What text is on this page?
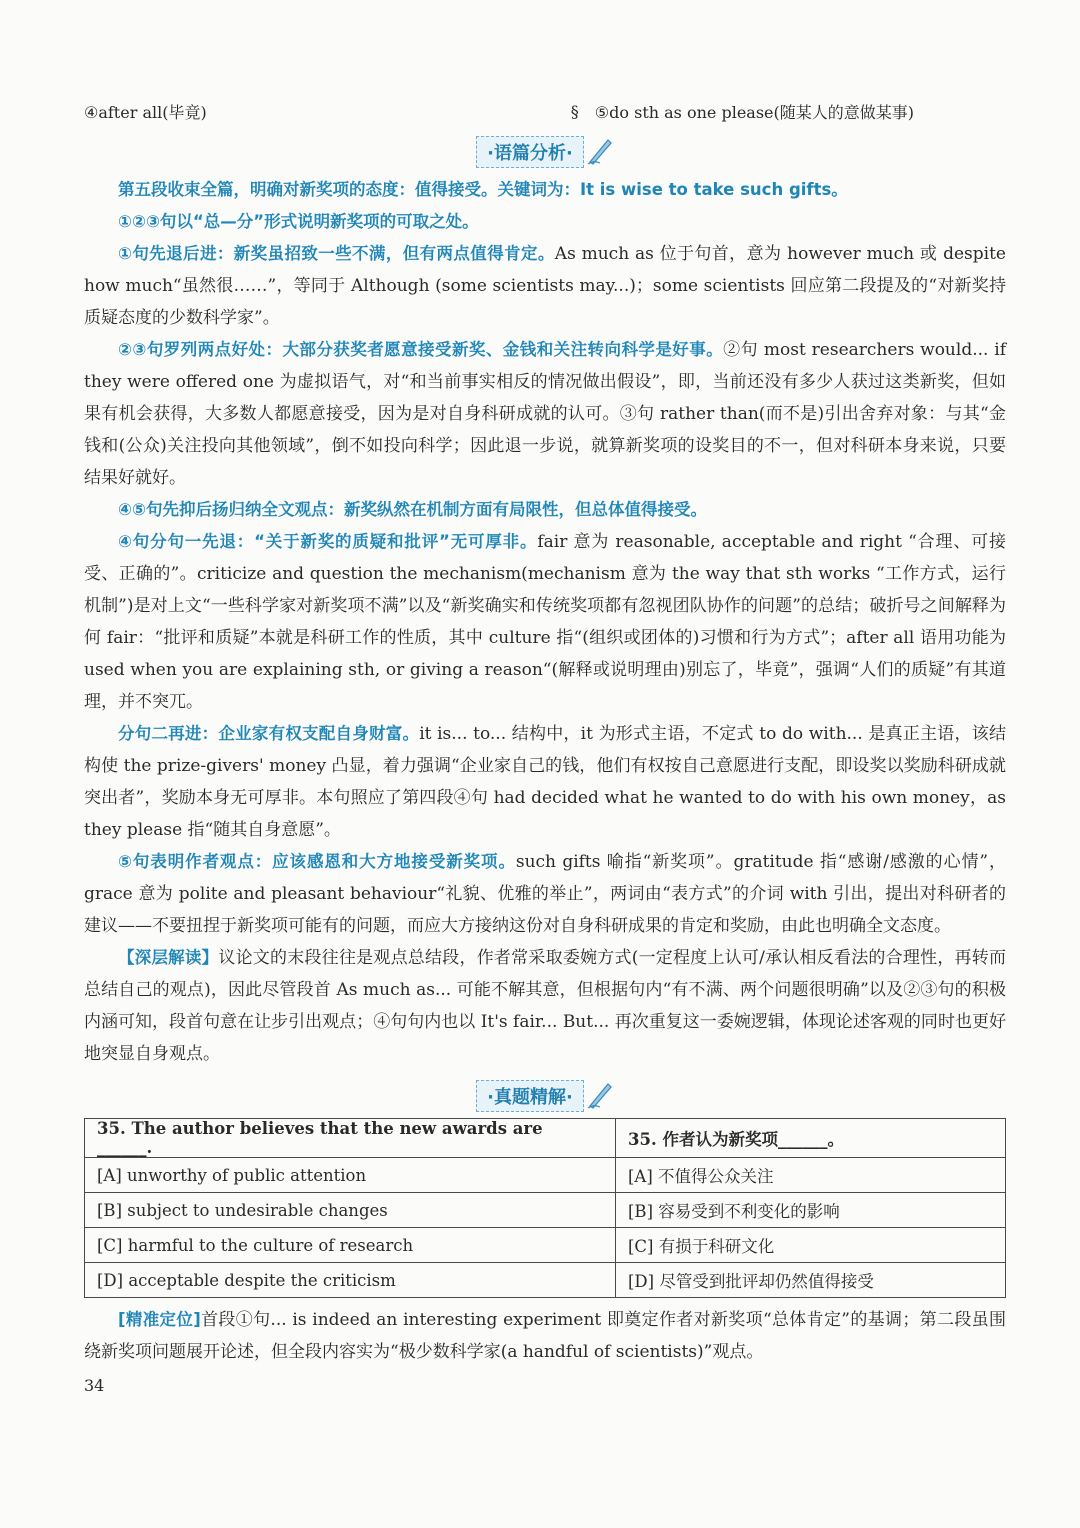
④after all(毕竟)	§ ⑤do sth as one please(随某人的意做某事)
·语篇分析·

第五段收束全篇，明确对新奖项的态度：值得接受。关键词为：It is wise to take such gifts。

①②③句以“总—分”形式说明新奖项的可取之处。

①句先退后进：新奖虽招致一些不满，但有两点值得肯定。As much as 位于句首，意为 however much 或 despite how much“虽然很……”，等同于 Although (some scientists may...)；some scientists 回应第二段提及的“对新奖持质疑态度的少数科学家”。

②③句罗列两点好处：大部分获奖者愿意接受新奖、金钱和关注转向科学是好事。②句 most researchers would... if they were offered one 为虚拟语气，对“和当前事实相反的情况做出假设”，即，当前还没有多少人获过这类新奖，但如果有机会获得，大多数人都愿意接受，因为是对自身科研成就的认可。③句 rather than(而不是)引出舍弃对象：与其“金钱和(公众)关注投向其他领域”，倒不如投向科学；因此退一步说，就算新奖项的设奖目的不一，但对科研本身来说，只要结果好就好。

④⑤句先抑后扬归纳全文观点：新奖纵然在机制方面有局限性，但总体值得接受。

④句分句一先退：“关于新奖的质疑和批评”无可厚非。fair 意为 reasonable, acceptable and right “合理、可接受、正确的”。criticize and question the mechanism(mechanism 意为 the way that sth works “工作方式，运行机制”)是对上文“一些科学家对新奖项不满”以及“新奖确实和传统奖项都有忽视团队协作的问题”的总结；破折号之间解释为何 fair：“批评和质疑”本就是科研工作的性质，其中 culture 指“(组织或团体的)习惯和行为方式”；after all 语用功能为 used when you are explaining sth, or giving a reason“(解释或说明理由)别忘了，毕竟”，强调“人们的质疑”有其道理，并不突兀。

分句二再进：企业家有权支配自身财富。it is... to... 结构中，it 为形式主语，不定式 to do with... 是真正主语，该结构使 the prize-givers' money 凸显，着力强调“企业家自己的钱，他们有权按自己意愿进行支配，即设奖以奖励科研成就突出者”，奖励本身无可厚非。本句照应了第四段④句 had decided what he wanted to do with his own money，as they please 指“随其自身意愿”。

⑤句表明作者观点：应该感恩和大方地接受新奖项。such gifts 喻指“新奖项”。gratitude 指“感谢/感激的心情”，grace 意为 polite and pleasant behaviour“礼貌、优雅的举止”，两词由“表方式”的介词 with 引出，提出对科研者的建议——不要扭捏于新奖项可能有的问题，而应大方接纳这份对自身科研成果的肯定和奖励，由此也明确全文态度。

【深层解读】议论文的末段往往是观点总结段，作者常采取委婉方式(一定程度上认可/承认相反看法的合理性，再转而总结自己的观点)，因此尽管段首 As much as... 可能不解其意，但根据句内“有不满、两个问题很明确”以及②③句的积极内涵可知，段首句意在让步引出观点；④句句内也以 It's fair... But... 再次重复这一委婉逻辑，体现论述客观的同时也更好地突显自身观点。

·真题精解·
35. The author believes that the new awards are ______.	35. 作者认为新奖项______。
[A] unworthy of public attention	[A] 不值得公众关注
[B] subject to undesirable changes	[B] 容易受到不利变化的影响
[C] harmful to the culture of research	[C] 有损于科研文化
[D] acceptable despite the criticism	[D] 尽管受到批评却仍然值得接受

[精准定位]首段①句... is indeed an interesting experiment 即奠定作者对新奖项“总体肯定”的基调；第二段虽围绕新奖项问题展开论述，但全段内容实为“极少数科学家(a handful of scientists)”观点。

34
